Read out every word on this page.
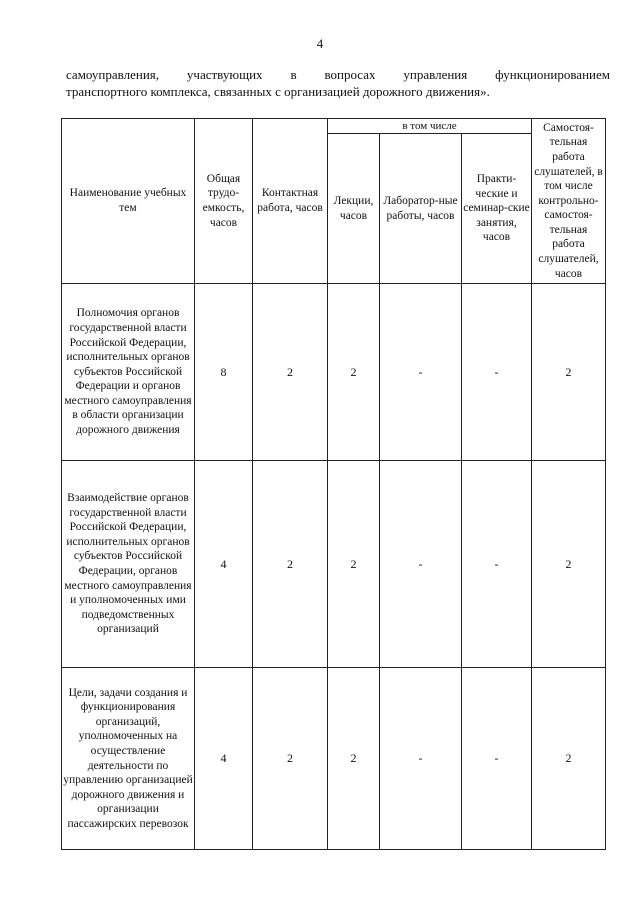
4
самоуправления, участвующих в вопросах управления функционированием
транспортного комплекса, связанных с организацией дорожного движения».
Наименование учебных тем	Общая трудо-емкость, часов	Контактная работа, часов	в том числе			Самостоя-тельная работа слушателей, в том числе контрольно-самостоя-тельная работа слушателей, часов

			Лекции, часов	Лаборатор-ные работы, часов	Практи-ческие и семинар-ские занятия, часов	

Полномочия органов государственной власти Российской Федерации, исполнительных органов субъектов Российской Федерации и органов местного самоуправления в области организации дорожного движения	8	2	2	-	-	2
Взаимодействие органов государственной власти Российской Федерации, исполнительных органов субъектов Российской Федерации, органов местного самоуправления и уполномоченных ими подведомственных организаций	4	2	2	-	-	2
Цели, задачи создания и функционирования организаций, уполномоченных на осуществление деятельности по управлению организацией дорожного движения и организации пассажирских перевозок	4	2	2	-	-	2
